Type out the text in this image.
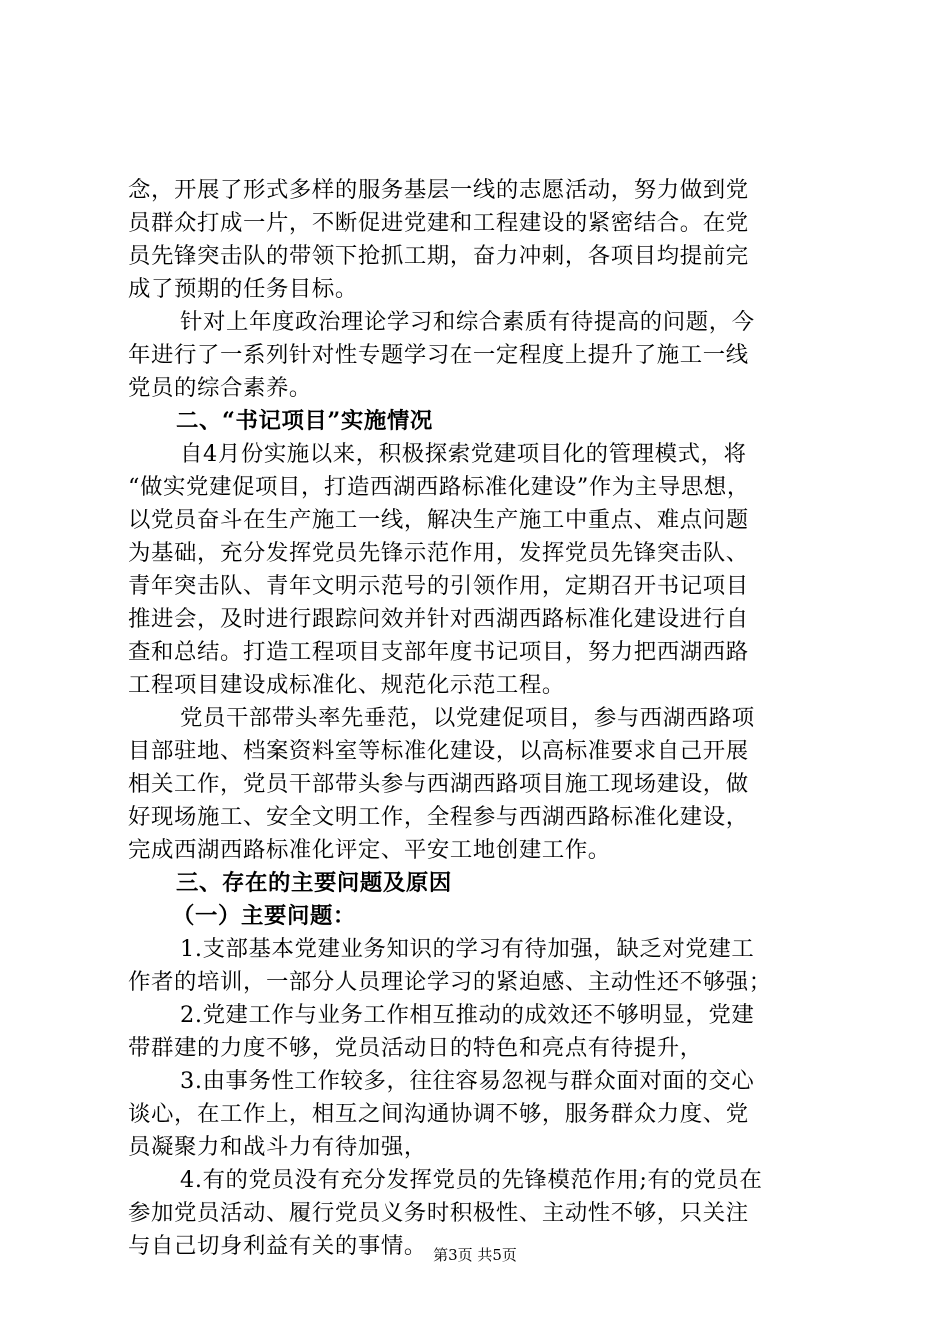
念，开展了形式多样的服务基层一线的志愿活动，努力做到党
员群众打成一片，不断促进党建和工程建设的紧密结合。在党
员先锋突击队的带领下抢抓工期，奋力冲刺，各项目均提前完
成了预期的任务目标。
针对上年度政治理论学习和综合素质有待提高的问题，今
年进行了一系列针对性专题学习在一定程度上提升了施工一线
党员的综合素养。
二、“书记项目”实施情况
自4月份实施以来，积极探索党建项目化的管理模式，将
“做实党建促项目，打造西湖西路标准化建设”作为主导思想，
以党员奋斗在生产施工一线，解决生产施工中重点、难点问题
为基础，充分发挥党员先锋示范作用，发挥党员先锋突击队、
青年突击队、青年文明示范号的引领作用，定期召开书记项目
推进会，及时进行跟踪问效并针对西湖西路标准化建设进行自
查和总结。打造工程项目支部年度书记项目，努力把西湖西路
工程项目建设成标准化、规范化示范工程。
党员干部带头率先垂范，以党建促项目，参与西湖西路项
目部驻地、档案资料室等标准化建设，以高标准要求自己开展
相关工作，党员干部带头参与西湖西路项目施工现场建设，做
好现场施工、安全文明工作，全程参与西湖西路标准化建设，
完成西湖西路标准化评定、平安工地创建工作。
三、存在的主要问题及原因
（一）主要问题：
1.支部基本党建业务知识的学习有待加强，缺乏对党建工
作者的培训，一部分人员理论学习的紧迫感、主动性还不够强；
2.党建工作与业务工作相互推动的成效还不够明显，党建
带群建的力度不够，党员活动日的特色和亮点有待提升，
3.由事务性工作较多，往往容易忽视与群众面对面的交心
谈心，在工作上，相互之间沟通协调不够，服务群众力度、党
员凝聚力和战斗力有待加强，
4.有的党员没有充分发挥党员的先锋模范作用;有的党员在
参加党员活动、履行党员义务时积极性、主动性不够，只关注
与自己切身利益有关的事情。 第3页 共5页
